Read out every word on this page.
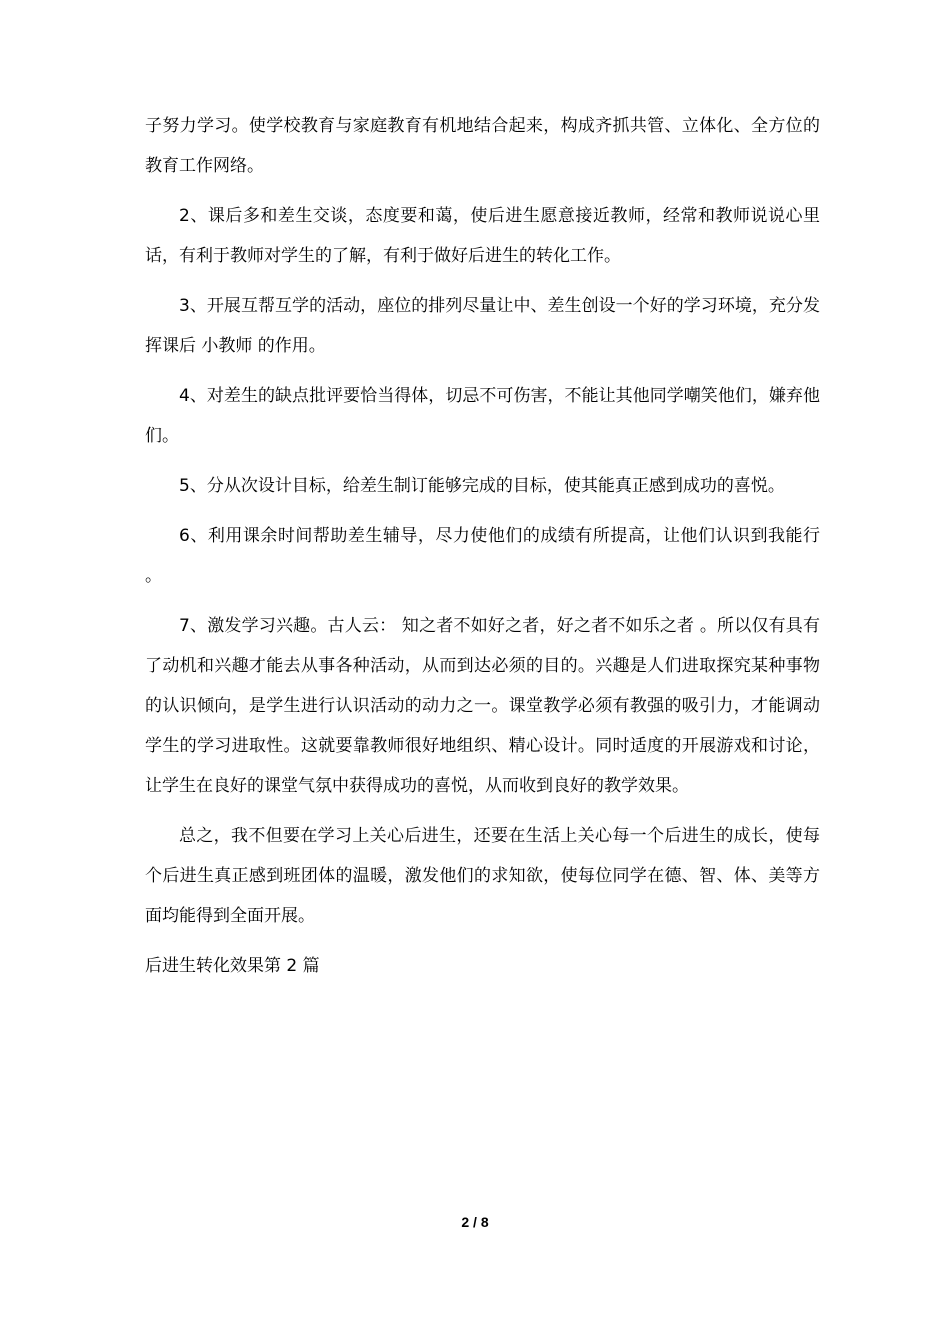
子努力学习。使学校教育与家庭教育有机地结合起来，构成齐抓共管、立体化、全方位的教育工作网络。

2、课后多和差生交谈，态度要和蔼，使后进生愿意接近教师，经常和教师说说心里话，有利于教师对学生的了解，有利于做好后进生的转化工作。

3、开展互帮互学的活动，座位的排列尽量让中、差生创设一个好的学习环境，充分发挥课后 小教师 的作用。

4、对差生的缺点批评要恰当得体，切忌不可伤害，不能让其他同学嘲笑他们，嫌弃他们。

5、分从次设计目标，给差生制订能够完成的目标，使其能真正感到成功的喜悦。

6、利用课余时间帮助差生辅导，尽力使他们的成绩有所提高，让他们认识到我能行 。

7、激发学习兴趣。古人云： 知之者不如好之者，好之者不如乐之者 。所以仅有具有了动机和兴趣才能去从事各种活动，从而到达必须的目的。兴趣是人们进取探究某种事物的认识倾向，是学生进行认识活动的动力之一。课堂教学必须有教强的吸引力，才能调动学生的学习进取性。这就要靠教师很好地组织、精心设计。同时适度的开展游戏和讨论，让学生在良好的课堂气氛中获得成功的喜悦，从而收到良好的教学效果。

总之，我不但要在学习上关心后进生，还要在生活上关心每一个后进生的成长，使每个后进生真正感到班团体的温暖，激发他们的求知欲，使每位同学在德、智、体、美等方面均能得到全面开展。

后进生转化效果第 2 篇

2 / 8
